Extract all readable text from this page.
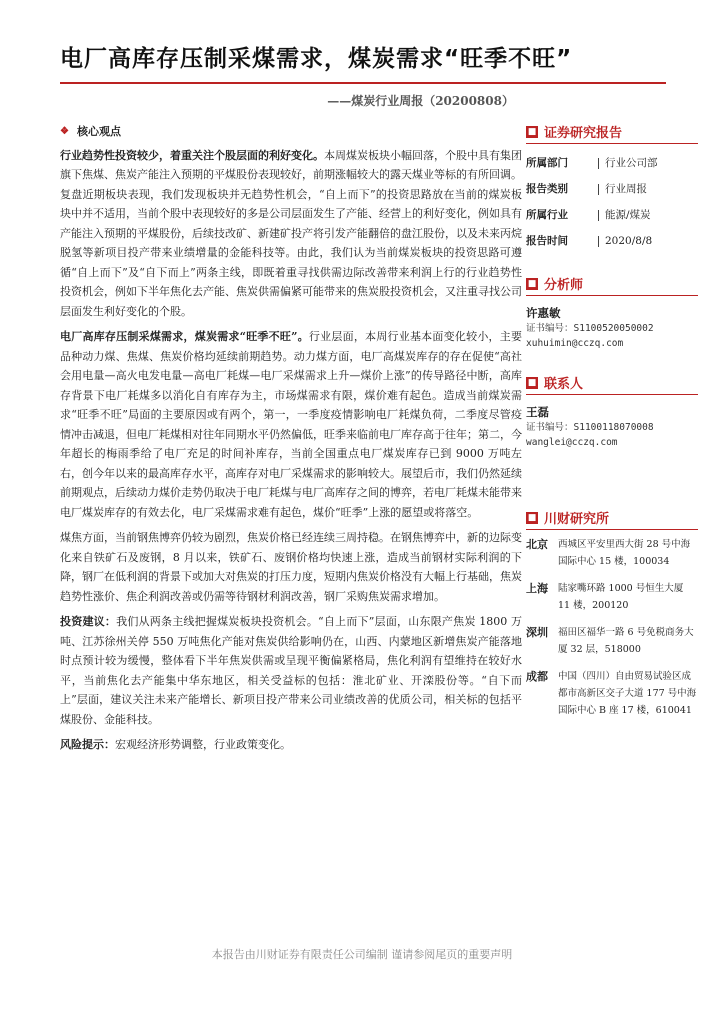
电厂高库存压制采煤需求，煤炭需求“旺季不旺”
——煤炭行业周报（20200808）
❖ 核心观点

行业趋势性投资较少，着重关注个股层面的利好变化。本周煤炭板块小幅回落，个股中具有集团旗下焦煤、焦炭产能注入预期的平煤股份表现较好，前期涨幅较大的露天煤业等标的有所回调。复盘近期板块表现，我们发现板块并无趋势性机会，“自上而下”的投资思路放在当前的煤炭板块中并不适用，当前个股中表现较好的多是公司层面发生了产能、经营上的利好变化，例如具有产能注入预期的平煤股份，后续技改矿、新建矿投产将引发产能翻倍的盘江股份，以及未来丙烷脱氢等新项目投产带来业绩增量的金能科技等。由此，我们认为当前煤炭板块的投资思路可遵循“自上而下”及“自下而上”两条主线，即既着重寻找供需边际改善带来利润上行的行业趋势性投资机会，例如下半年焦化去产能、焦炭供需偏紧可能带来的焦炭股投资机会，又注重寻找公司层面发生利好变化的个股。

电厂高库存压制采煤需求，煤炭需求“旺季不旺”。行业层面，本周行业基本面变化较小，主要品种动力煤、焦煤、焦炭价格均延续前期趋势。动力煤方面，电厂高煤炭库存的存在促使“高社会用电量—高火电发电量—高电厂耗煤—电厂采煤需求上升—煤价上涨”的传导路径中断，高库存背景下电厂耗煤多以消化自有库存为主，市场煤需求有限，煤价难有起色。造成当前煤炭需求“旺季不旺”局面的主要原因或有两个，第一，一季度疫情影响电厂耗煤负荷，二季度尽管疫情冲击减退，但电厂耗煤相对往年同期水平仍然偏低，旺季来临前电厂库存高于往年；第二，今年超长的梅雨季给了电厂充足的时间补库存，当前全国重点电厂煤炭库存已到 9000 万吨左右，创今年以来的最高库存水平，高库存对电厂采煤需求的影响较大。展望后市，我们仍然延续前期观点，后续动力煤价走势仍取决于电厂耗煤与电厂高库存之间的博弈，若电厂耗煤未能带来电厂煤炭库存的有效去化，电厂采煤需求难有起色，煤价“旺季”上涨的愿望或将落空。

煤焦方面，当前钢焦博弈仍较为剧烈，焦炭价格已经连续三周持稳。在钢焦博弈中，新的边际变化来自铁矿石及废钢，8 月以来，铁矿石、废钢价格均快速上涨，造成当前钢材实际利润的下降，钢厂在低利润的背景下或加大对焦炭的打压力度，短期内焦炭价格没有大幅上行基础，焦炭趋势性涨价、焦企利润改善或仍需等待钢材利润改善，钢厂采购焦炭需求增加。

投资建议：我们从两条主线把握煤炭板块投资机会。“自上而下”层面，山东限产焦炭 1800 万吨、江苏徐州关停 550 万吨焦化产能对焦炭供给影响仍在，山西、内蒙地区新增焦炭产能落地时点预计较为缓慢，整体看下半年焦炭供需或呈现平衡偏紧格局，焦化利润有望维持在较好水平，当前焦化去产能集中华东地区，相关受益标的包括：淮北矿业、开滦股份等。“自下而上”层面，建议关注未来产能增长、新项目投产带来公司业绩改善的优质公司，相关标的包括平煤股份、金能科技。

风险提示：宏观经济形势调整，行业政策变化。

■ 证券研究报告
所属部门	行业公司部
报告类别	行业周报
所属行业	能源/煤炭
报告时间	2020/8/8
■ 分析师
许惠敏
证书编号：S1100520050002
xuhuimin@cczq.com
■ 联系人
王磊
证书编号：S1100118070008
wanglei@cczq.com
■ 川财研究所
北京	西城区平安里西大街 28 号中海国际中心 15 楼，100034
上海	陆家嘴环路 1000 号恒生大厦 11 楼，200120
深圳	福田区福华一路 6 号免税商务大厦 32 层，518000
成都	中国（四川）自由贸易试验区成都市高新区交子大道 177 号中海国际中心 B 座 17 楼，610041
本报告由川财证券有限责任公司编制 谨请参阅尾页的重要声明
